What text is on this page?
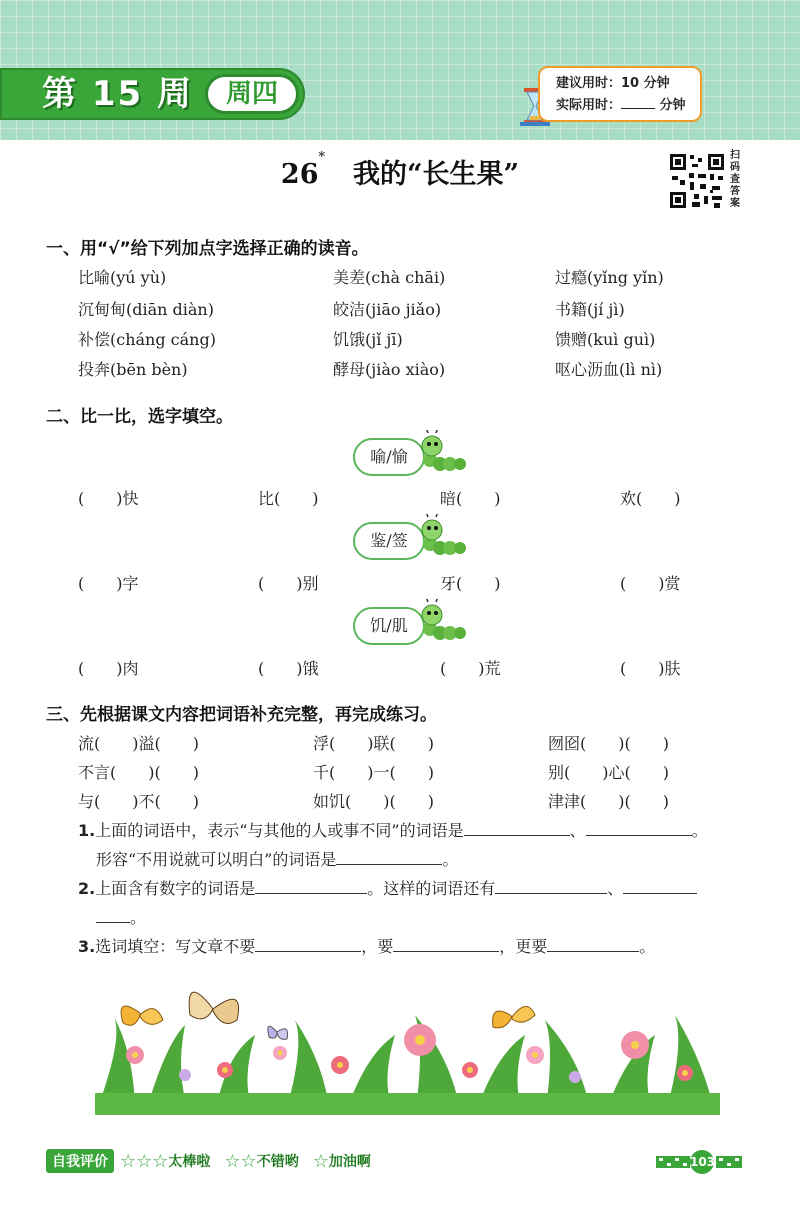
第 15 周	周四	建议用时：10 分钟
实际用时：	分钟
26*我的“长生果”
扫码查答案
一、用“√”给下列加点字选择正确的读音。
比喻(yú yù)	美差(chà chāi)	过瘾(yǐng yǐn)
沉甸甸(diān diàn)	皎洁(jiāo jiǎo)	书籍(jí jì)
补偿(cháng cáng)	饥饿(jǐ jī)	馈赠(kuì guì)
投奔(bēn bèn)	酵母(jiào xiào)	呕心沥血(lì nì)
二、比一比，选字填空。
喻/愉
(　　)快	比(　　)	暗(　　)	欢(　　)
鉴/签
(　　)字	(　　)别	牙(　　)	(　　)赏
饥/肌
(　　)肉	(　　)饿	(　　)荒	(　　)肤
三、先根据课文内容把词语补充完整，再完成练习。
流(　　)溢(　　)	浮(　　)联(　　)	囫囵(　　)(　　)
不言(　　)(　　)	千(　　)一(　　)	别(　　)心(　　)
与(　　)不(　　)	如饥(　　)(　　)	津津(　　)(　　)
1.上面的词语中，表示“与其他的人或事不同”的词语是	、	。
形容“不用说就可以明白”的词语是	。
2.上面含有数字的词语是	。这样的词语还有	、
。
3.选词填空：写文章不要	，要	，更要	。
自我评价 ☆☆☆ 太棒啦 ☆☆ 不错哟 ☆ 加油啊	103
